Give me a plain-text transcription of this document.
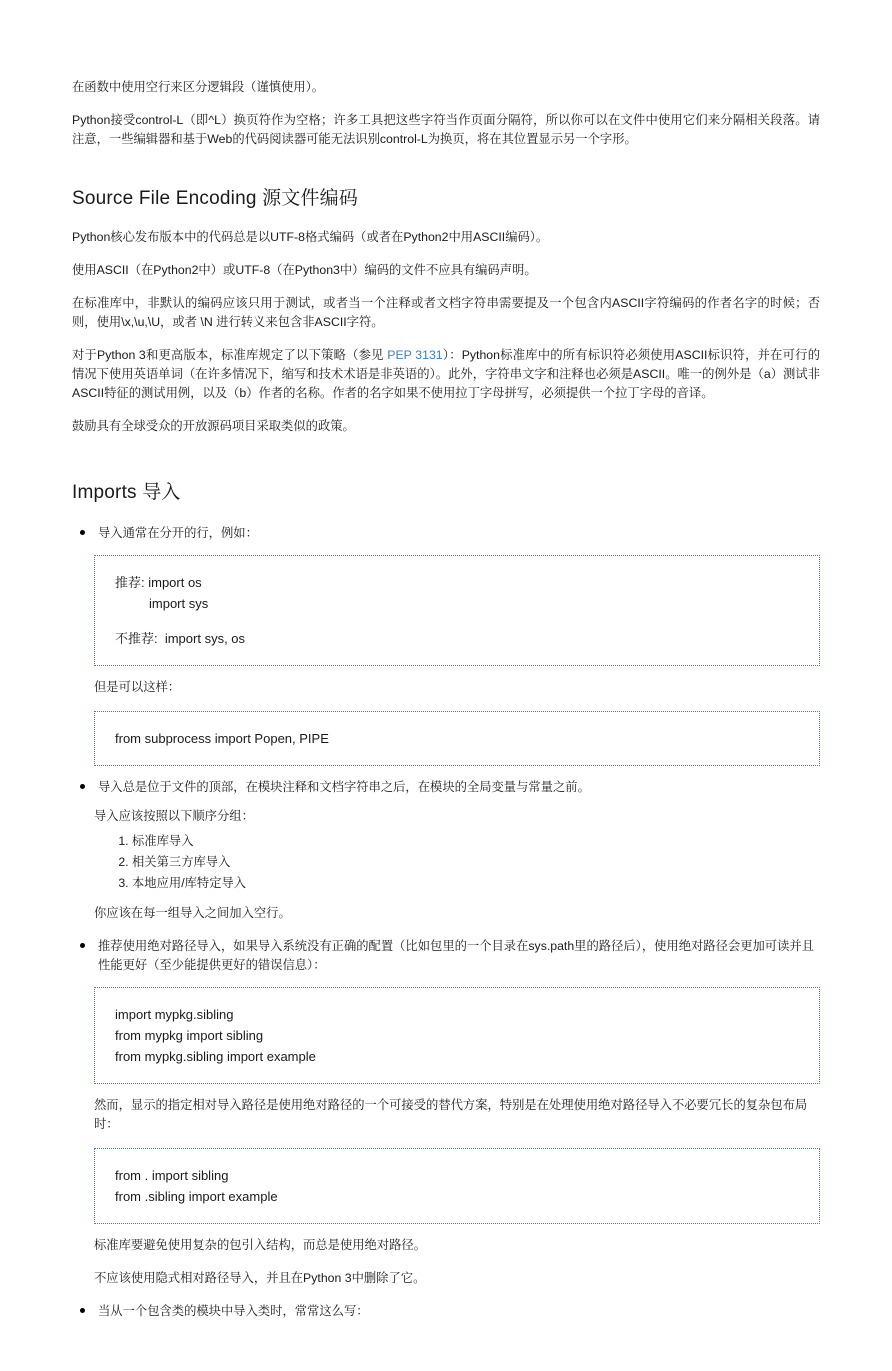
在函数中使用空行来区分逻辑段（谨慎使用）。

Python接受control-L（即^L）换页符作为空格；许多工具把这些字符当作页面分隔符，所以你可以在文件中使用它们来分隔相关段落。请注意，一些编辑器和基于Web的代码阅读器可能无法识别control-L为换页，将在其位置显示另一个字形。

Source File Encoding 源文件编码

Python核心发布版本中的代码总是以UTF-8格式编码（或者在Python2中用ASCII编码）。

使用ASCII（在Python2中）或UTF-8（在Python3中）编码的文件不应具有编码声明。

在标准库中，非默认的编码应该只用于测试，或者当一个注释或者文档字符串需要提及一个包含内ASCII字符编码的作者名字的时候；否则，使用\x,\u,\U，或者 \N 进行转义来包含非ASCII字符。

对于Python 3和更高版本，标准库规定了以下策略（参见 PEP 3131）：Python标准库中的所有标识符必须使用ASCII标识符，并在可行的情况下使用英语单词（在许多情况下，缩写和技术术语是非英语的）。此外，字符串文字和注释也必须是ASCII。唯一的例外是（a）测试非ASCII特征的测试用例，以及（b）作者的名称。作者的名字如果不使用拉丁字母拼写，必须提供一个拉丁字母的音译。

鼓励具有全球受众的开放源码项目采取类似的政策。

Imports 导入
导入通常在分开的行，例如：
推荐: import os
import sys
不推荐:  import sys, os
但是可以这样：
from subprocess import Popen, PIPE
导入总是位于文件的顶部，在模块注释和文档字符串之后，在模块的全局变量与常量之前。
导入应该按照以下顺序分组：
1. 标准库导入
2. 相关第三方库导入
3. 本地应用/库特定导入
你应该在每一组导入之间加入空行。
推荐使用绝对路径导入，如果导入系统没有正确的配置（比如包里的一个目录在sys.path里的路径后），使用绝对路径会更加可读并且性能更好（至少能提供更好的错误信息）：
import mypkg.sibling
from mypkg import sibling
from mypkg.sibling import example
然而，显示的指定相对导入路径是使用绝对路径的一个可接受的替代方案，特别是在处理使用绝对路径导入不必要冗长的复杂包布局时：
from . import sibling
from .sibling import example
标准库要避免使用复杂的包引入结构，而总是使用绝对路径。
不应该使用隐式相对路径导入，并且在Python 3中删除了它。
当从一个包含类的模块中导入类时，常常这么写：
